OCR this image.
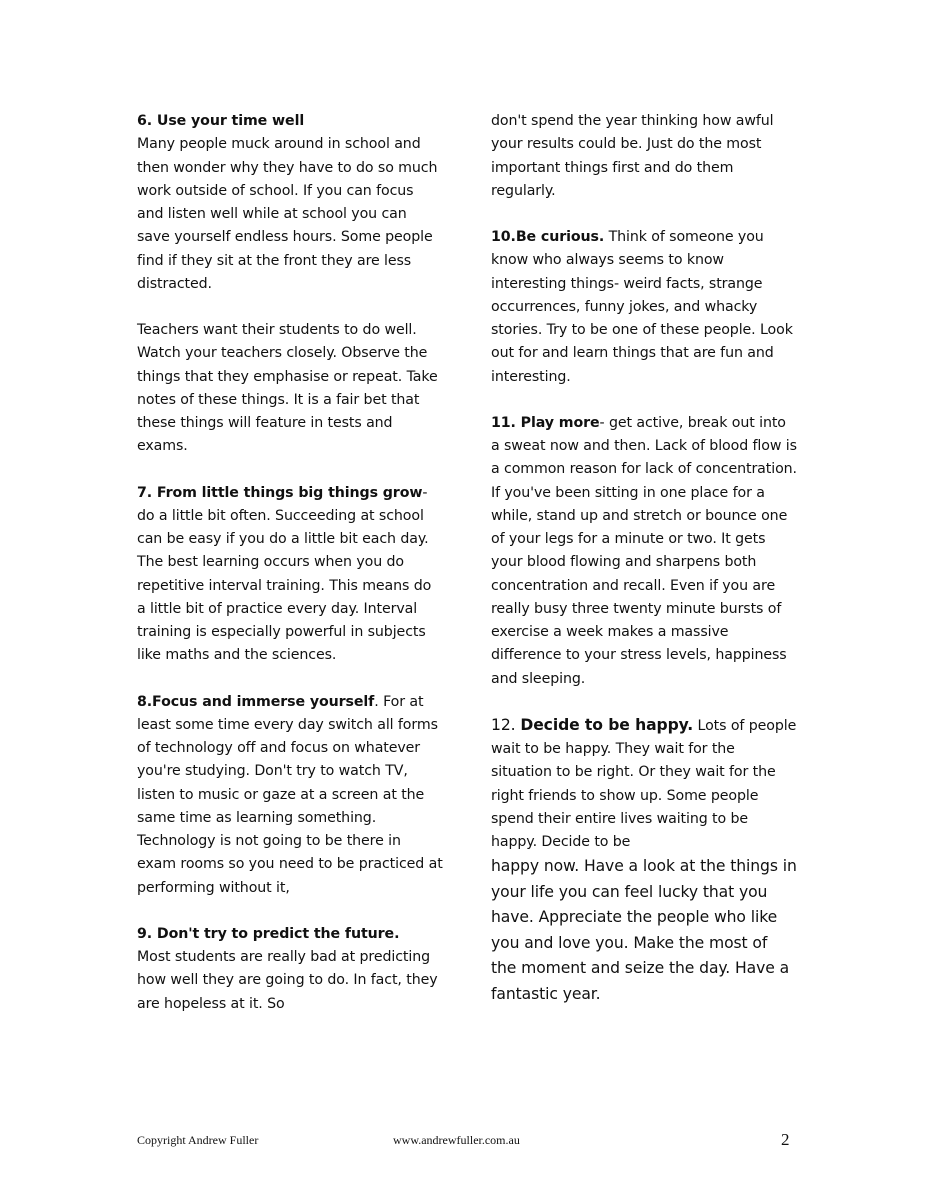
6. Use your time well
Many people muck around in school and then wonder why they have to do so much work outside of school. If you can focus and listen well while at school you can save yourself endless hours. Some people find if they sit at the front they are less distracted.

Teachers want their students to do well. Watch your teachers closely. Observe the things that they emphasise or repeat. Take notes of these things. It is a fair bet that these things will feature in tests and exams.

7. From little things big things grow- do a little bit often. Succeeding at school can be easy if you do a little bit each day. The best learning occurs when you do repetitive interval training. This means do a little bit of practice every day. Interval training is especially powerful in subjects like maths and the sciences.

8.Focus and immerse yourself. For at least some time every day switch all forms of technology off and focus on whatever you're studying. Don't try to watch TV, listen to music or gaze at a screen at the same time as learning something. Technology is not going to be there in exam rooms so you need to be practiced at performing without it,

9. Don't try to predict the future.
Most students are really bad at predicting how well they are going to do. In fact, they are hopeless at it. So

don't spend the year thinking how awful your results could be. Just do the most important things first and do them regularly.

10.Be curious. Think of someone you know who always seems to know interesting things- weird facts, strange occurrences, funny jokes, and whacky stories. Try to be one of these people. Look out for and learn things that are fun and interesting.

11. Play more- get active, break out into a sweat now and then. Lack of blood flow is a common reason for lack of concentration. If you've been sitting in one place for a while, stand up and stretch or bounce one of your legs for a minute or two. It gets your blood flowing and sharpens both concentration and recall. Even if you are really busy three twenty minute bursts of exercise a week makes a massive difference to your stress levels, happiness and sleeping.

12. Decide to be happy. Lots of people wait to be happy. They wait for the situation to be right. Or they wait for the right friends to show up. Some people spend their entire lives waiting to be happy. Decide to be

happy now. Have a look at the things in your life you can feel lucky that you have. Appreciate the people who like you and love you. Make the most of the moment and seize the day. Have a fantastic year.

Copyright Andrew Fuller	www.andrewfuller.com.au	2
